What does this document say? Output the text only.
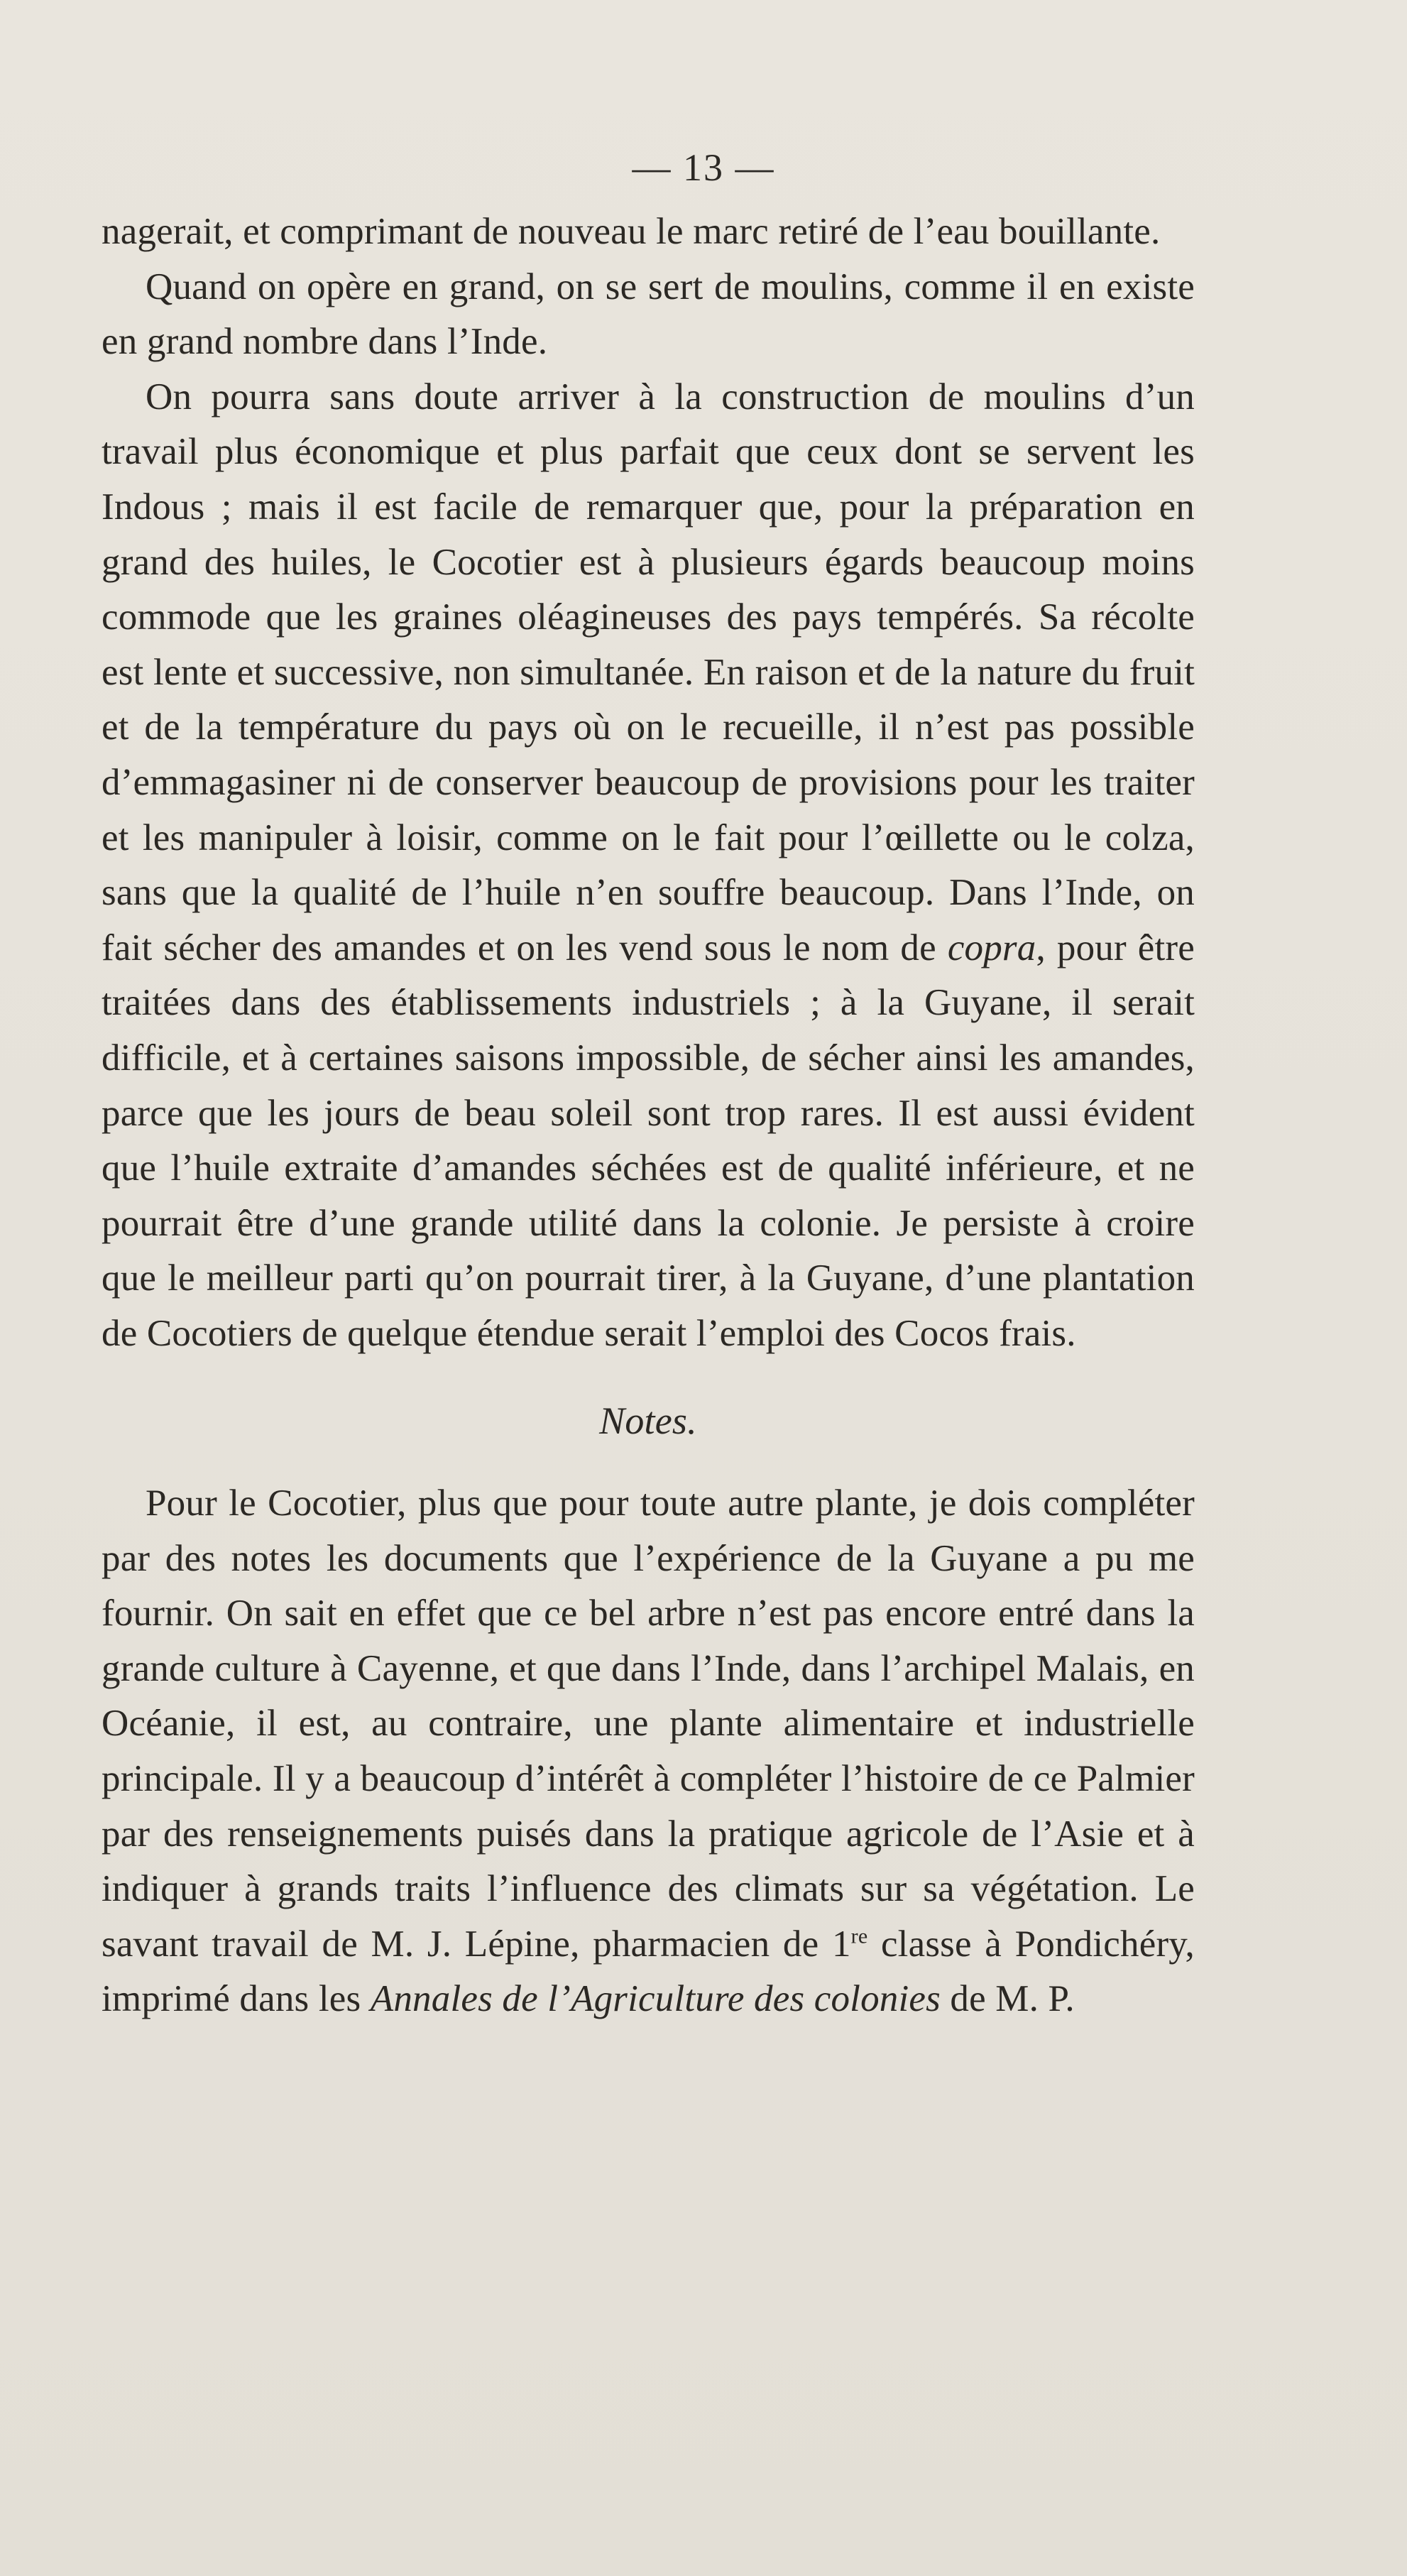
— 13 —

nagerait, et comprimant de nouveau le marc retiré de l’eau bouillante.

Quand on opère en grand, on se sert de moulins, comme il en existe en grand nombre dans l’Inde.

On pourra sans doute arriver à la construction de moulins d’un travail plus économique et plus parfait que ceux dont se servent les Indous ; mais il est facile de remarquer que, pour la préparation en grand des huiles, le Cocotier est à plusieurs égards beaucoup moins commode que les graines oléagineuses des pays tempérés. Sa récolte est lente et successive, non simultanée. En raison et de la nature du fruit et de la température du pays où on le recueille, il n’est pas possible d’emmagasiner ni de conserver beaucoup de provisions pour les traiter et les manipuler à loisir, comme on le fait pour l’œillette ou le colza, sans que la qualité de l’huile n’en souffre beaucoup. Dans l’Inde, on fait sécher des amandes et on les vend sous le nom de copra, pour être traitées dans des établissements industriels ; à la Guyane, il serait difficile, et à certaines saisons impossible, de sécher ainsi les amandes, parce que les jours de beau soleil sont trop rares. Il est aussi évident que l’huile extraite d’amandes séchées est de qualité inférieure, et ne pourrait être d’une grande utilité dans la colonie. Je persiste à croire que le meilleur parti qu’on pourrait tirer, à la Guyane, d’une plantation de Cocotiers de quelque étendue serait l’emploi des Cocos frais.

Notes.

Pour le Cocotier, plus que pour toute autre plante, je dois compléter par des notes les documents que l’expérience de la Guyane a pu me fournir. On sait en effet que ce bel arbre n’est pas encore entré dans la grande culture à Cayenne, et que dans l’Inde, dans l’archipel Malais, en Océanie, il est, au contraire, une plante alimentaire et industrielle principale. Il y a beaucoup d’intérêt à compléter l’histoire de ce Palmier par des renseignements puisés dans la pratique agricole de l’Asie et à indiquer à grands traits l’influence des climats sur sa végétation. Le savant travail de M. J. Lépine, pharmacien de 1re classe à Pondichéry, imprimé dans les Annales de l’Agriculture des colonies de M. P.
